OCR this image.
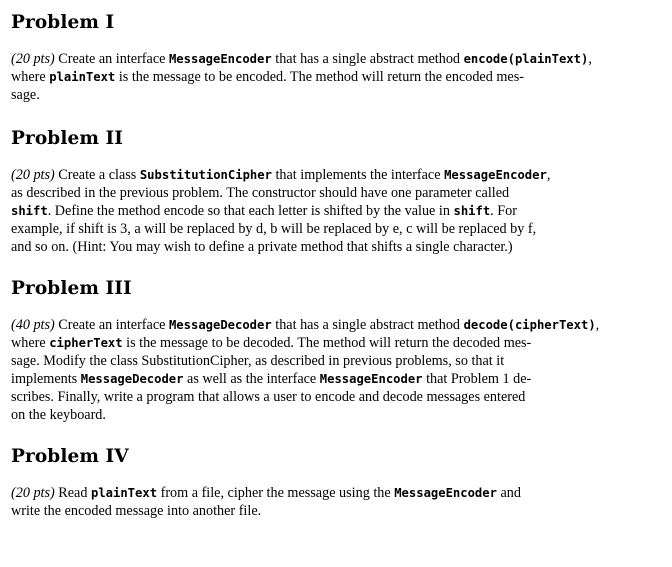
Problem I

(20 pts) Create an interface MessageEncoder that has a single abstract method encode(plainText),
where plainText is the message to be encoded. The method will return the encoded mes-
sage.

Problem II

(20 pts) Create a class SubstitutionCipher that implements the interface MessageEncoder,
as described in the previous problem. The constructor should have one parameter called
shift. Define the method encode so that each letter is shifted by the value in shift. For
example, if shift is 3, a will be replaced by d, b will be replaced by e, c will be replaced by f,
and so on. (Hint: You may wish to define a private method that shifts a single character.)

Problem III

(40 pts) Create an interface MessageDecoder that has a single abstract method decode(cipherText),
where cipherText is the message to be decoded. The method will return the decoded mes-
sage. Modify the class SubstitutionCipher, as described in previous problems, so that it
implements MessageDecoder as well as the interface MessageEncoder that Problem 1 de-
scribes. Finally, write a program that allows a user to encode and decode messages entered
on the keyboard.

Problem IV

(20 pts) Read plainText from a file, cipher the message using the MessageEncoder and
write the encoded message into another file.
